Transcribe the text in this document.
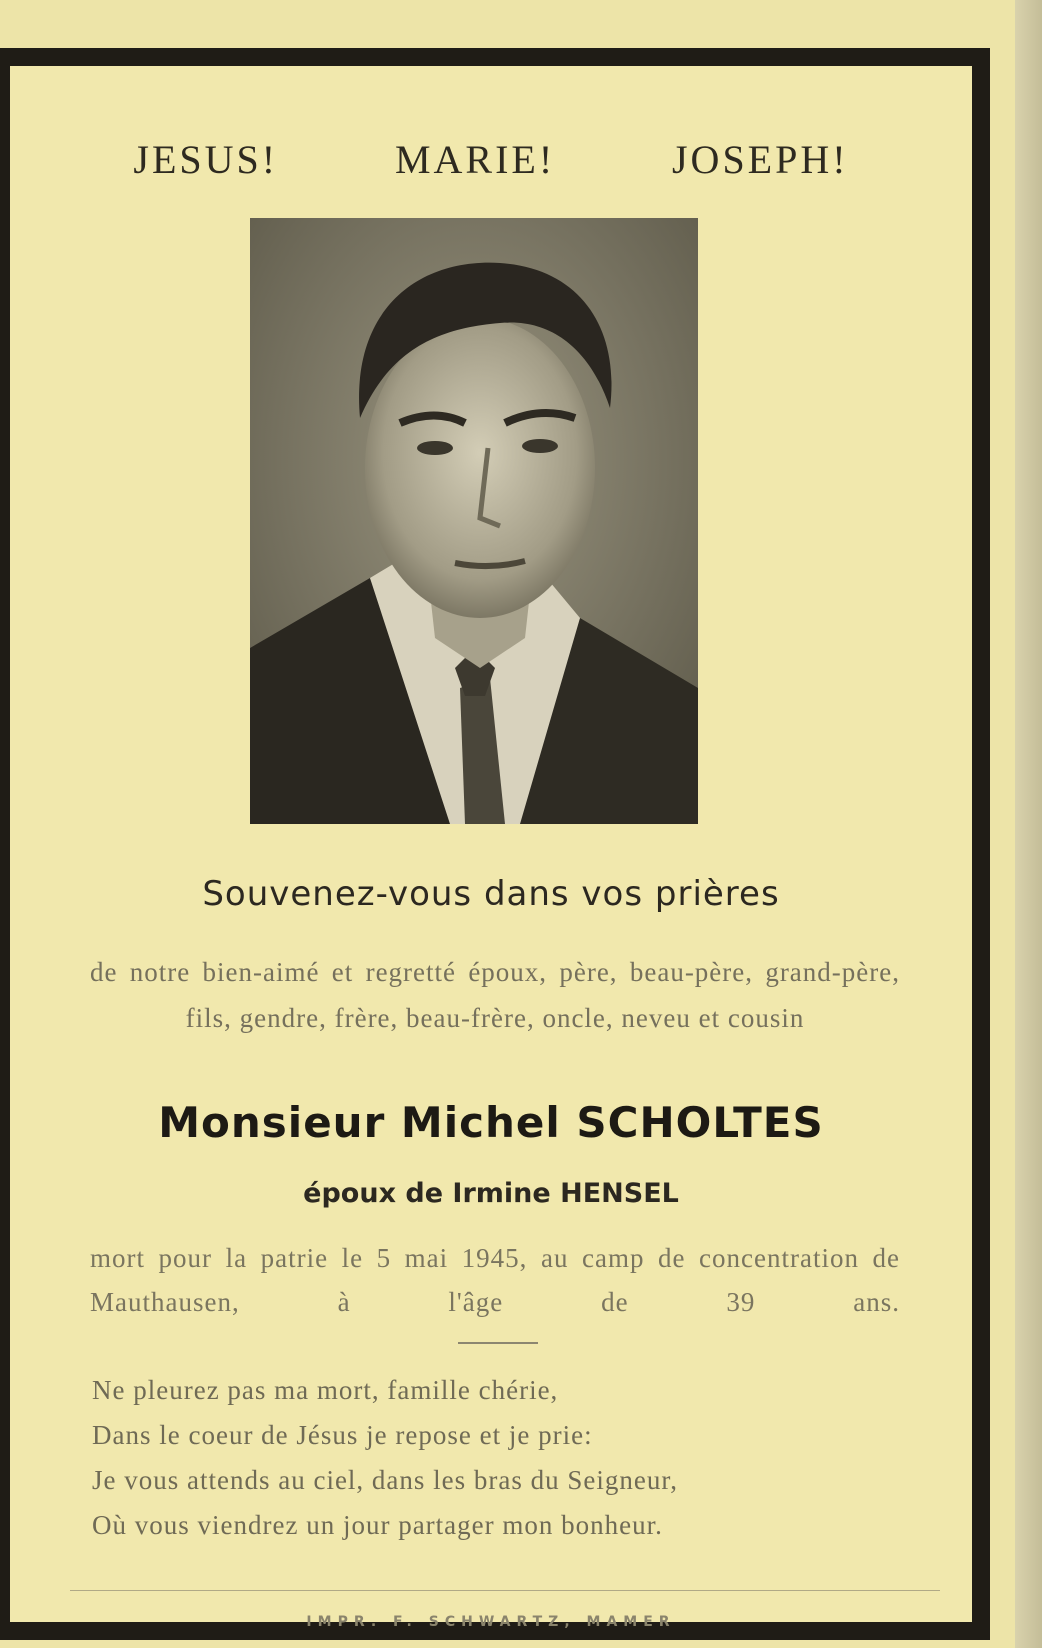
JESUS!	MARIE!	JOSEPH!
Souvenez-vous dans vos prières
de notre bien-aimé et regretté époux, père, beau-père, grand-père, fils, gendre, frère, beau-frère, oncle, neveu et cousin
Monsieur Michel SCHOLTES
époux de Irmine HENSEL
mort pour la patrie le 5 mai 1945, au camp de concentration de Mauthausen, à l'âge de 39 ans.
Ne pleurez pas ma mort, famille chérie,
Dans le coeur de Jésus je repose et je prie:
Je vous attends au ciel, dans les bras du Seigneur,
Où vous viendrez un jour partager mon bonheur.
IMPR. F. SCHWARTZ, MAMER
